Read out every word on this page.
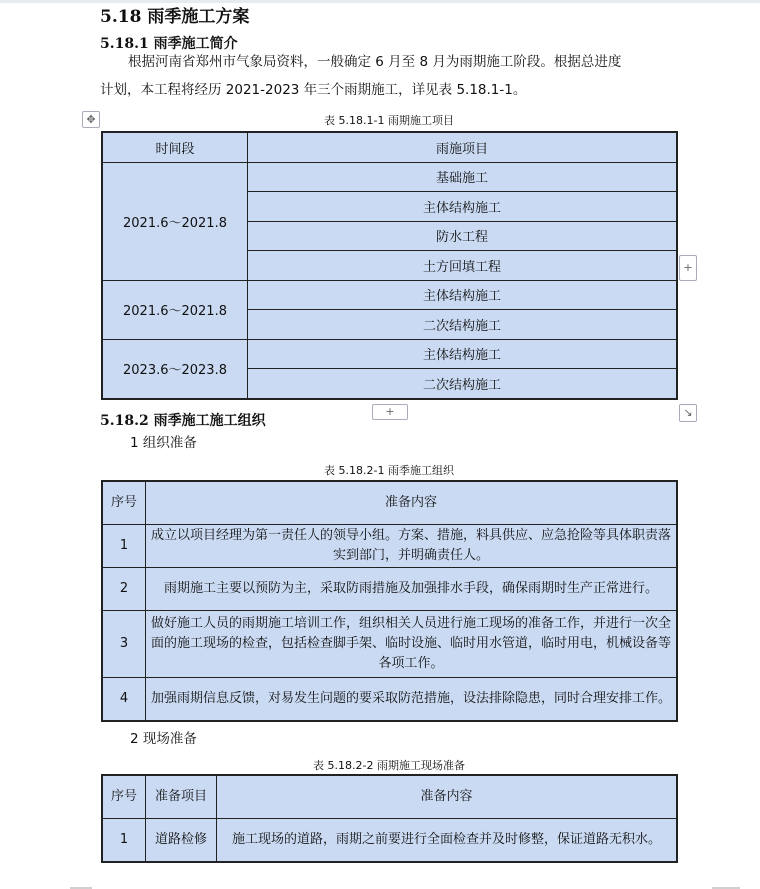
5.18 雨季施工方案
5.18.1 雨季施工简介
根据河南省郑州市气象局资料，一般确定 6 月至 8 月为雨期施工阶段。根据总进度
计划，本工程将经历 2021-2023 年三个雨期施工，详见表 5.18.1-1。
✥	表 5.18.1-1 雨期施工项目
时间段	雨施项目
2021.6～2021.8	基础施工
	主体结构施工
	防水工程
	土方回填工程
2021.6～2021.8	主体结构施工
	二次结构施工
2023.6～2023.8	主体结构施工
	二次结构施工
+
+	↘
5.18.2 雨季施工施工组织
1 组织准备
表 5.18.2-1 雨季施工组织
序号	准备内容
1	成立以项目经理为第一责任人的领导小组。方案、措施，料具供应、应急抢险等具体职责落实到部门，并明确责任人。
2	雨期施工主要以预防为主，采取防雨措施及加强排水手段，确保雨期时生产正常进行。
3	做好施工人员的雨期施工培训工作，组织相关人员进行施工现场的准备工作，并进行一次全面的施工现场的检查，包括检查脚手架、临时设施、临时用水管道，临时用电，机械设备等各项工作。
4	加强雨期信息反馈，对易发生问题的要采取防范措施，设法排除隐患，同时合理安排工作。
2 现场准备
表 5.18.2-2 雨期施工现场准备
序号	准备项目	准备内容
1	道路检修	施工现场的道路，雨期之前要进行全面检查并及时修整，保证道路无积水。
